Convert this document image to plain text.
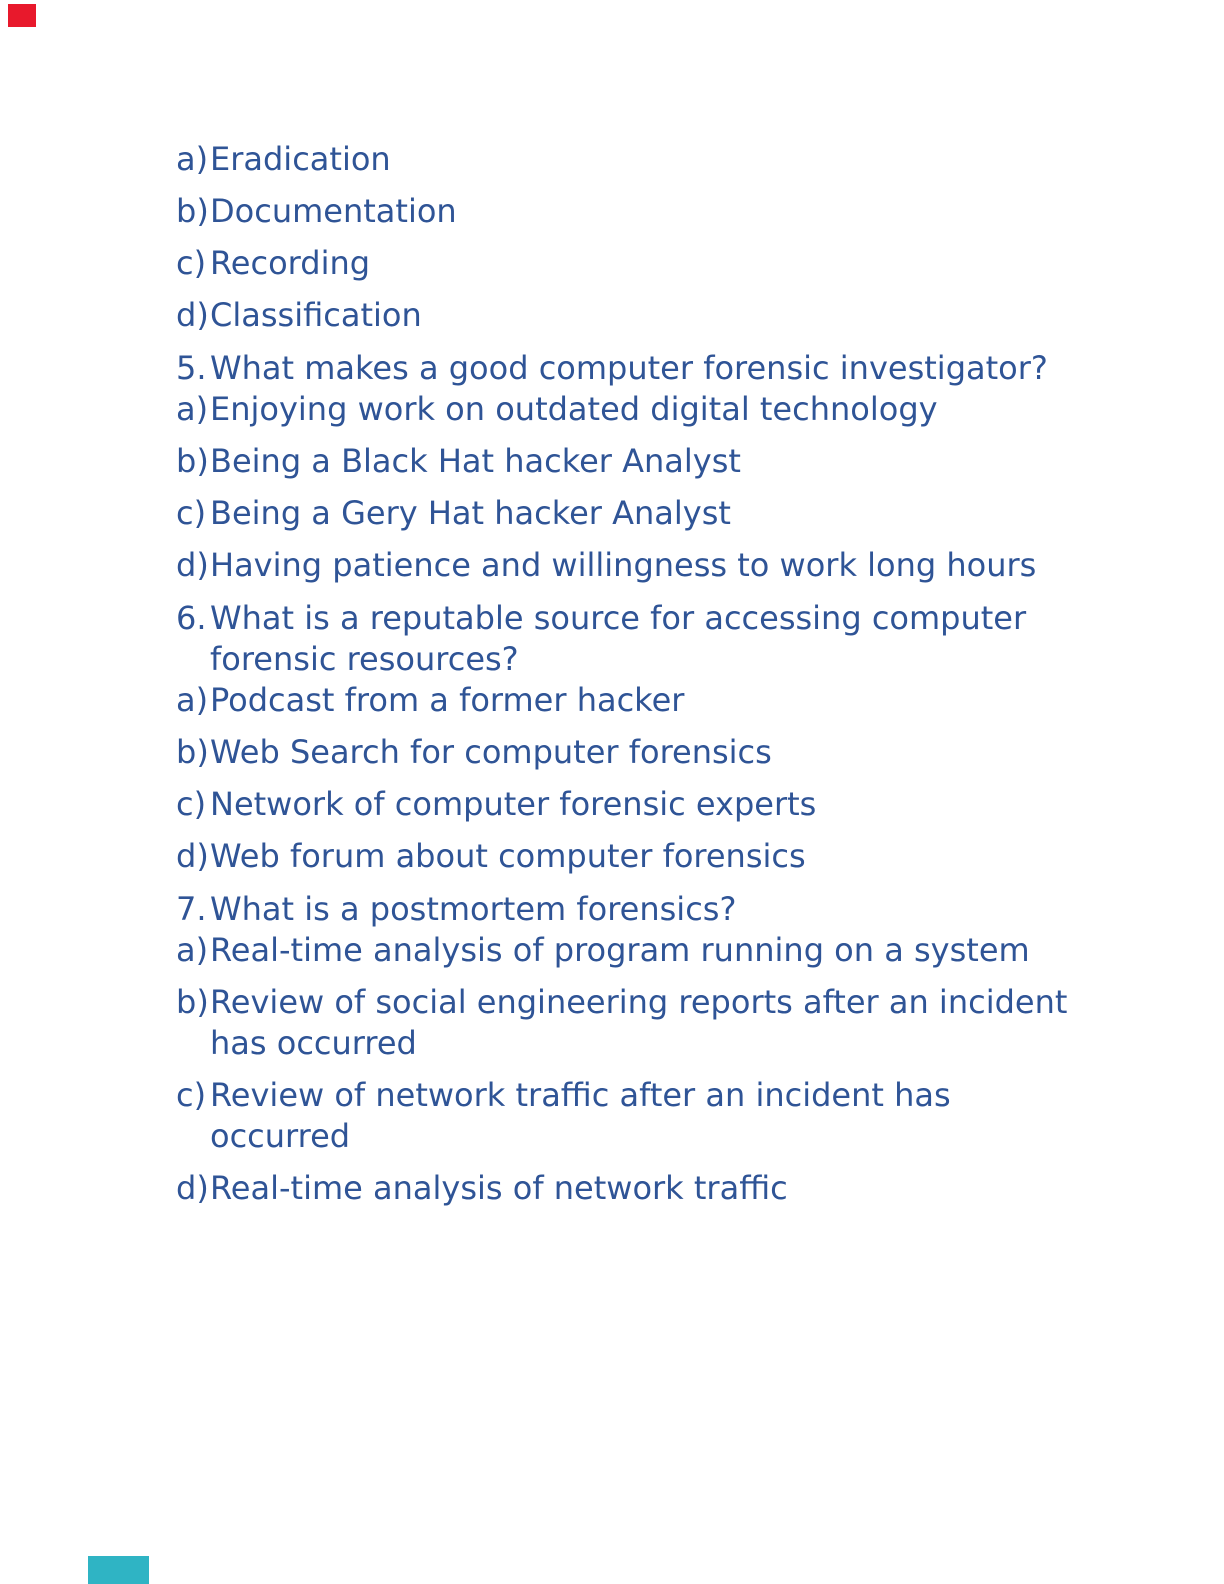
a) Eradication

b) Documentation

c) Recording

d) Classification

5. What makes a good computer forensic investigator?

a) Enjoying work on outdated digital technology

b) Being a Black Hat hacker Analyst

c) Being a Gery Hat hacker Analyst

d) Having patience and willingness to work long hours

6. What is a reputable source for accessing computer
forensic resources?

a) Podcast from a former hacker

b) Web Search for computer forensics

c) Network of computer forensic experts

d) Web forum about computer forensics

7. What is a postmortem forensics?

a) Real-time analysis of program running on a system

b) Review of social engineering reports after an incident
has occurred

c) Review of network traffic after an incident has
occurred

d) Real-time analysis of network traffic
